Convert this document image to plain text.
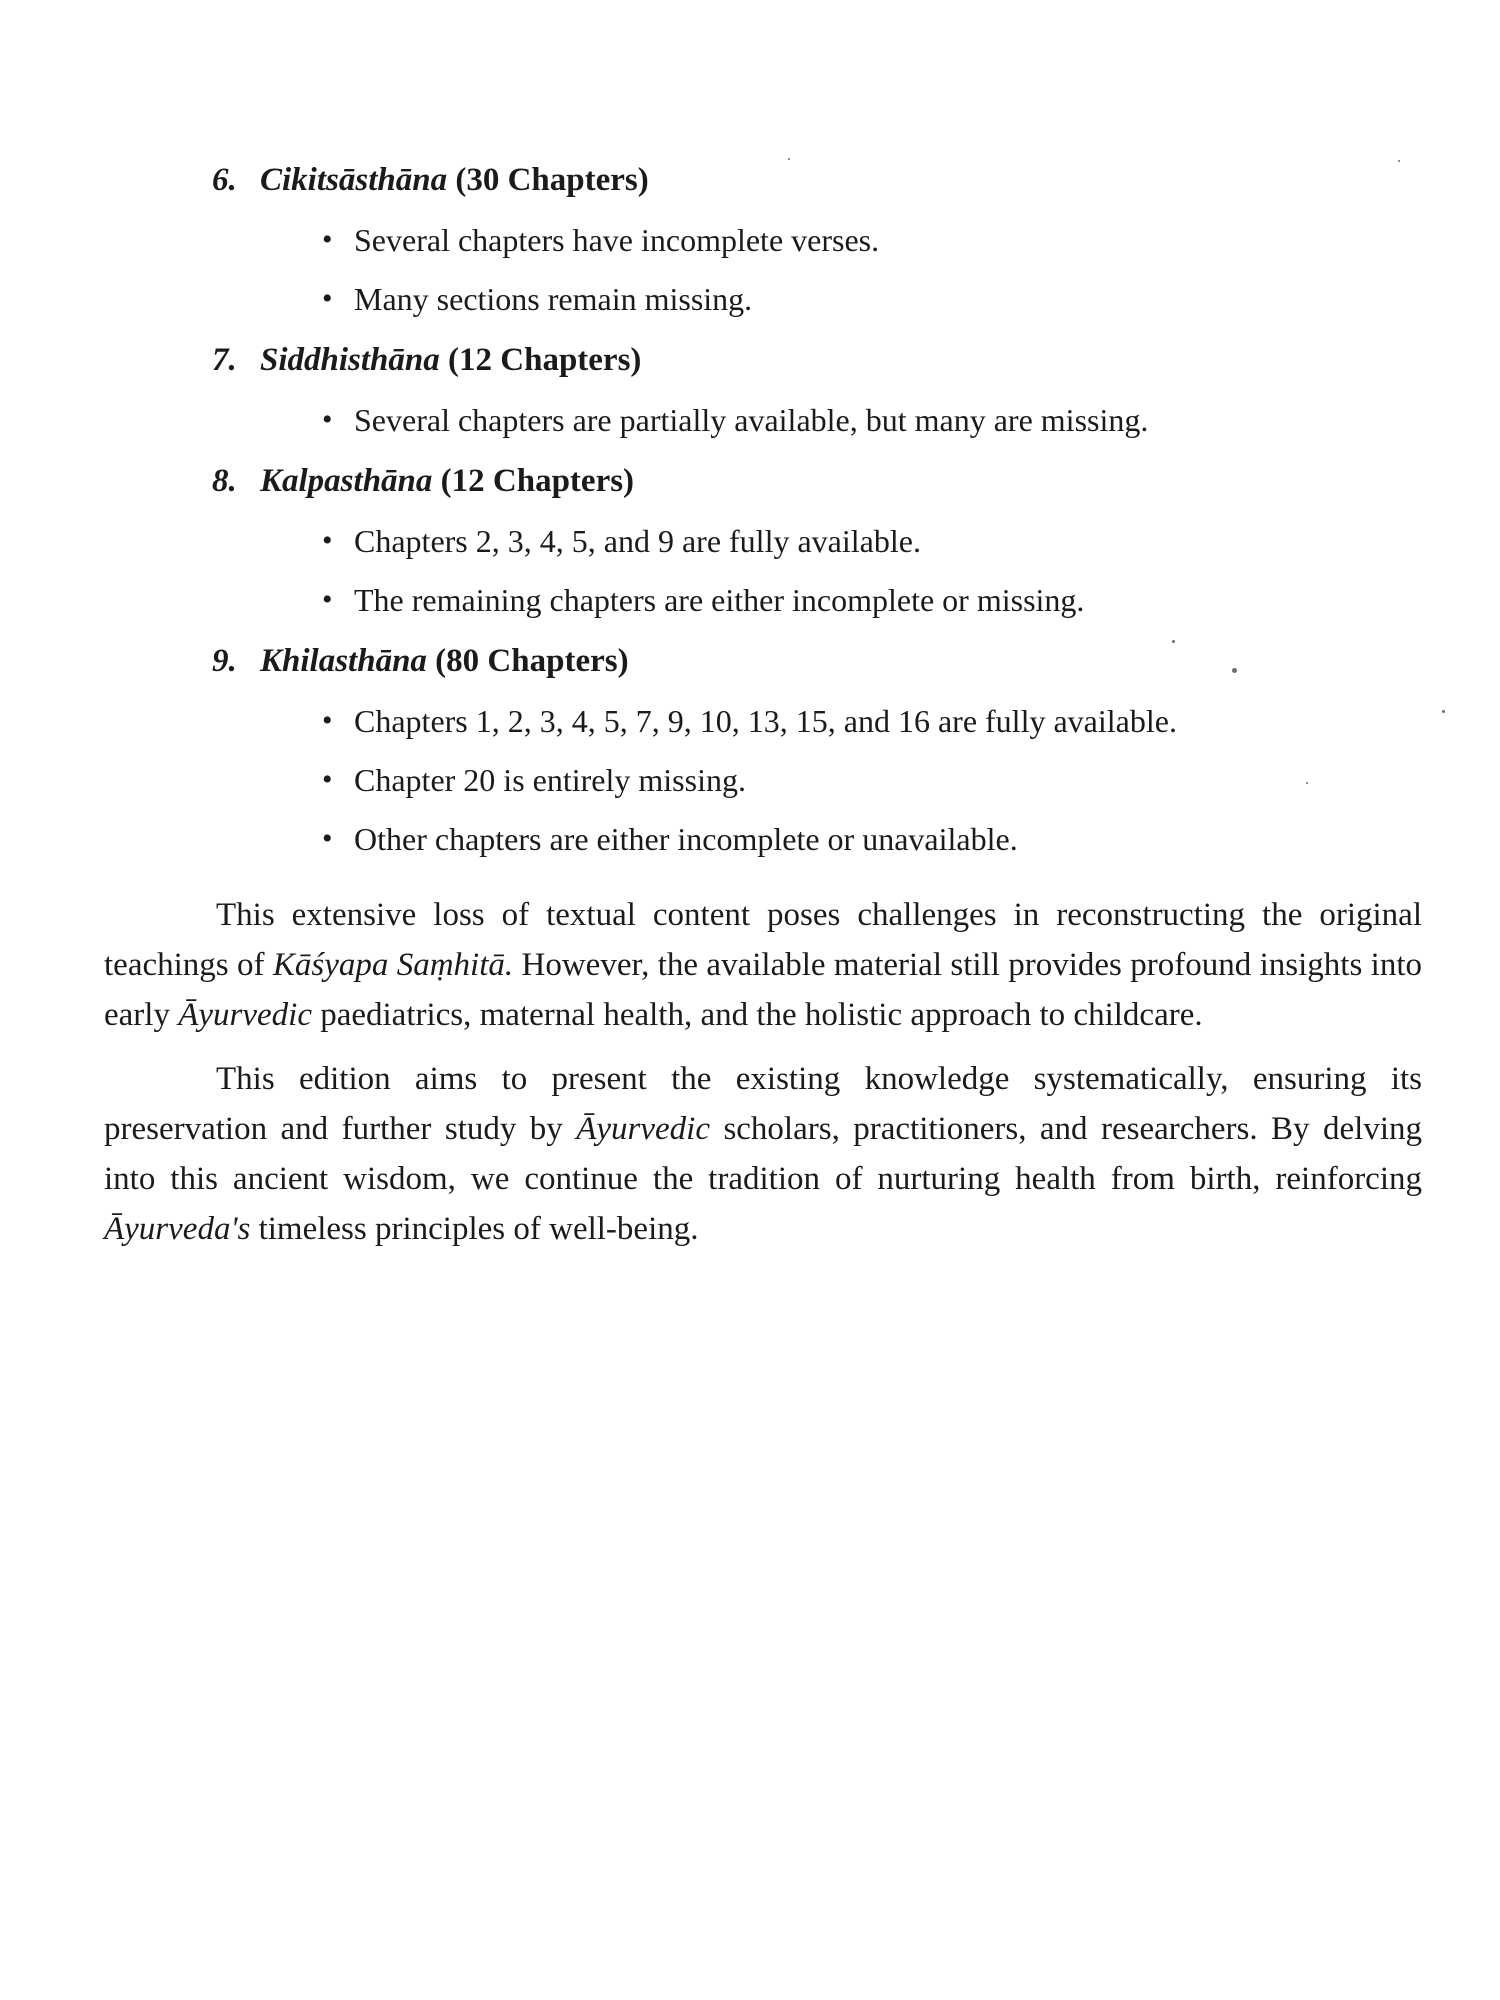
6. Cikitsāsthāna (30 Chapters)
• Several chapters have incomplete verses.
• Many sections remain missing.
7. Siddhisthāna (12 Chapters)
• Several chapters are partially available, but many are missing.
8. Kalpasthāna (12 Chapters)
• Chapters 2, 3, 4, 5, and 9 are fully available.
• The remaining chapters are either incomplete or missing.
9. Khilasthāna (80 Chapters)
• Chapters 1, 2, 3, 4, 5, 7, 9, 10, 13, 15, and 16 are fully available.
• Chapter 20 is entirely missing.
• Other chapters are either incomplete or unavailable.

This extensive loss of textual content poses challenges in reconstructing the original teachings of Kāśyapa Saṃhitā. However, the available material still provides profound insights into early Āyurvedic paediatrics, maternal health, and the holistic approach to childcare.

This edition aims to present the existing knowledge systematically, ensuring its preservation and further study by Āyurvedic scholars, practitioners, and researchers. By delving into this ancient wisdom, we continue the tradition of nurturing health from birth, reinforcing Āyurveda's timeless principles of well-being.
